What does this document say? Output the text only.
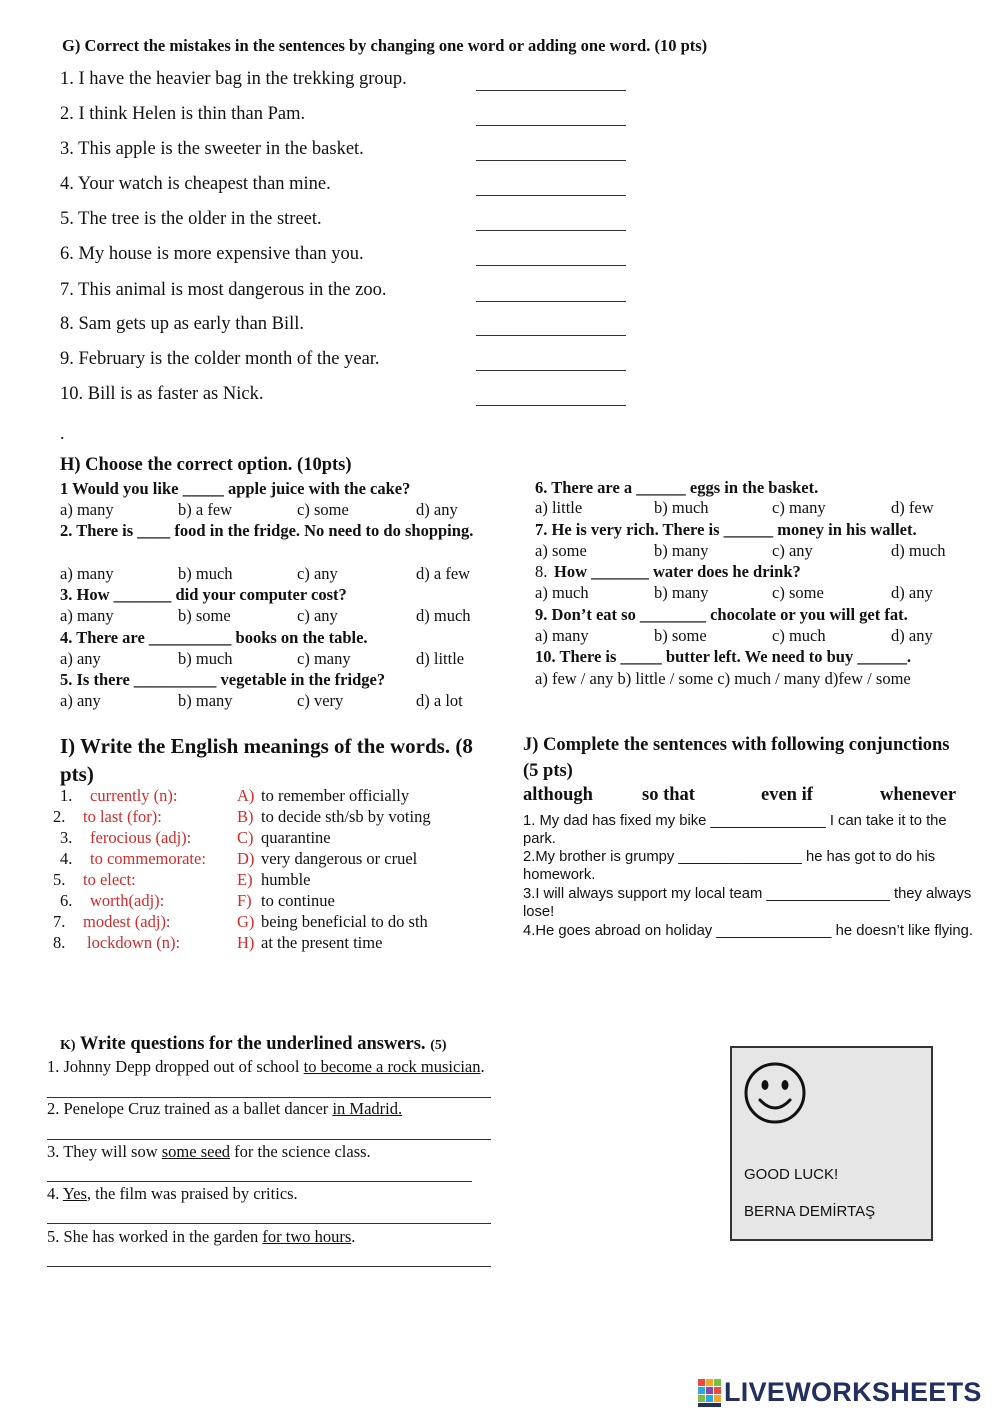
G) Correct the mistakes in the sentences by changing one word or adding one word. (10 pts)
1. I have the heavier bag in the trekking group.
2. I think Helen is thin than Pam.
3. This apple is the sweeter in the basket.
4. Your watch is cheapest than mine.
5. The tree is the older in the street.
6. My house is more expensive than you.
7. This animal is most dangerous in the zoo.
8. Sam gets up as early than Bill.
9. February is the colder month of the year.
10. Bill is as faster as Nick.
.
H) Choose the correct option. (10pts)
1 Would you like _____ apple juice with the cake?
a) many	b) a few	c) some	d) any
2. There is ____ food in the fridge. No need to do shopping.
a) many	b) much	c) any	d) a few
3. How _______ did your computer cost?
a) many	b) some	c) any	d) much
4. There are __________ books on the table.
a) any	b) much	c) many	d) little
5. Is there __________ vegetable in the fridge?
a) any	b) many	c) very	d) a lot
6. There are a ______ eggs in the basket.
a) little	b) much	c) many	d) few
7. He is very rich. There is ______ money in his wallet.
a) some	b) many	c) any	d) much
8. How _______ water does he drink?
a) much	b) many	c) some	d) any
9. Don’t eat so ________ chocolate or you will get fat.
a) many	b) some	c) much	d) any
10. There is _____ butter left. We need to buy ______.
a) few / any b) little / some c) much / many d)few / some
I) Write the English meanings of the words. (8 pts)
1. currently (n):	A) to remember officially
2. to last (for):	B) to decide sth/sb by voting
3. ferocious (adj):	C) quarantine
4. to commemorate: D) very dangerous or cruel
5. to elect:	E) humble
6. worth(adj):	F) to continue
7. modest (adj):	G) being beneficial to do sth
8. lockdown (n):	H) at the present time
J) Complete the sentences with following conjunctions (5 pts)
although	so that	even if	whenever
1. My dad has fixed my bike ______________ I can take it to the park.
2.My brother is grumpy _______________ he has got to do his homework.
3.I will always support my local team _______________ they always lose!
4.He goes abroad on holiday ______________ he doesn’t like flying.
K) Write questions for the underlined answers. (5)
1. Johnny Depp dropped out of school to become a rock musician.
2. Penelope Cruz trained as a ballet dancer in Madrid.
3. They will sow some seed for the science class.
4. Yes, the film was praised by critics.
5. She has worked in the garden for two hours.
GOOD LUCK!
BERNA DEMİRTAŞ
LIVEWORKSHEETS
